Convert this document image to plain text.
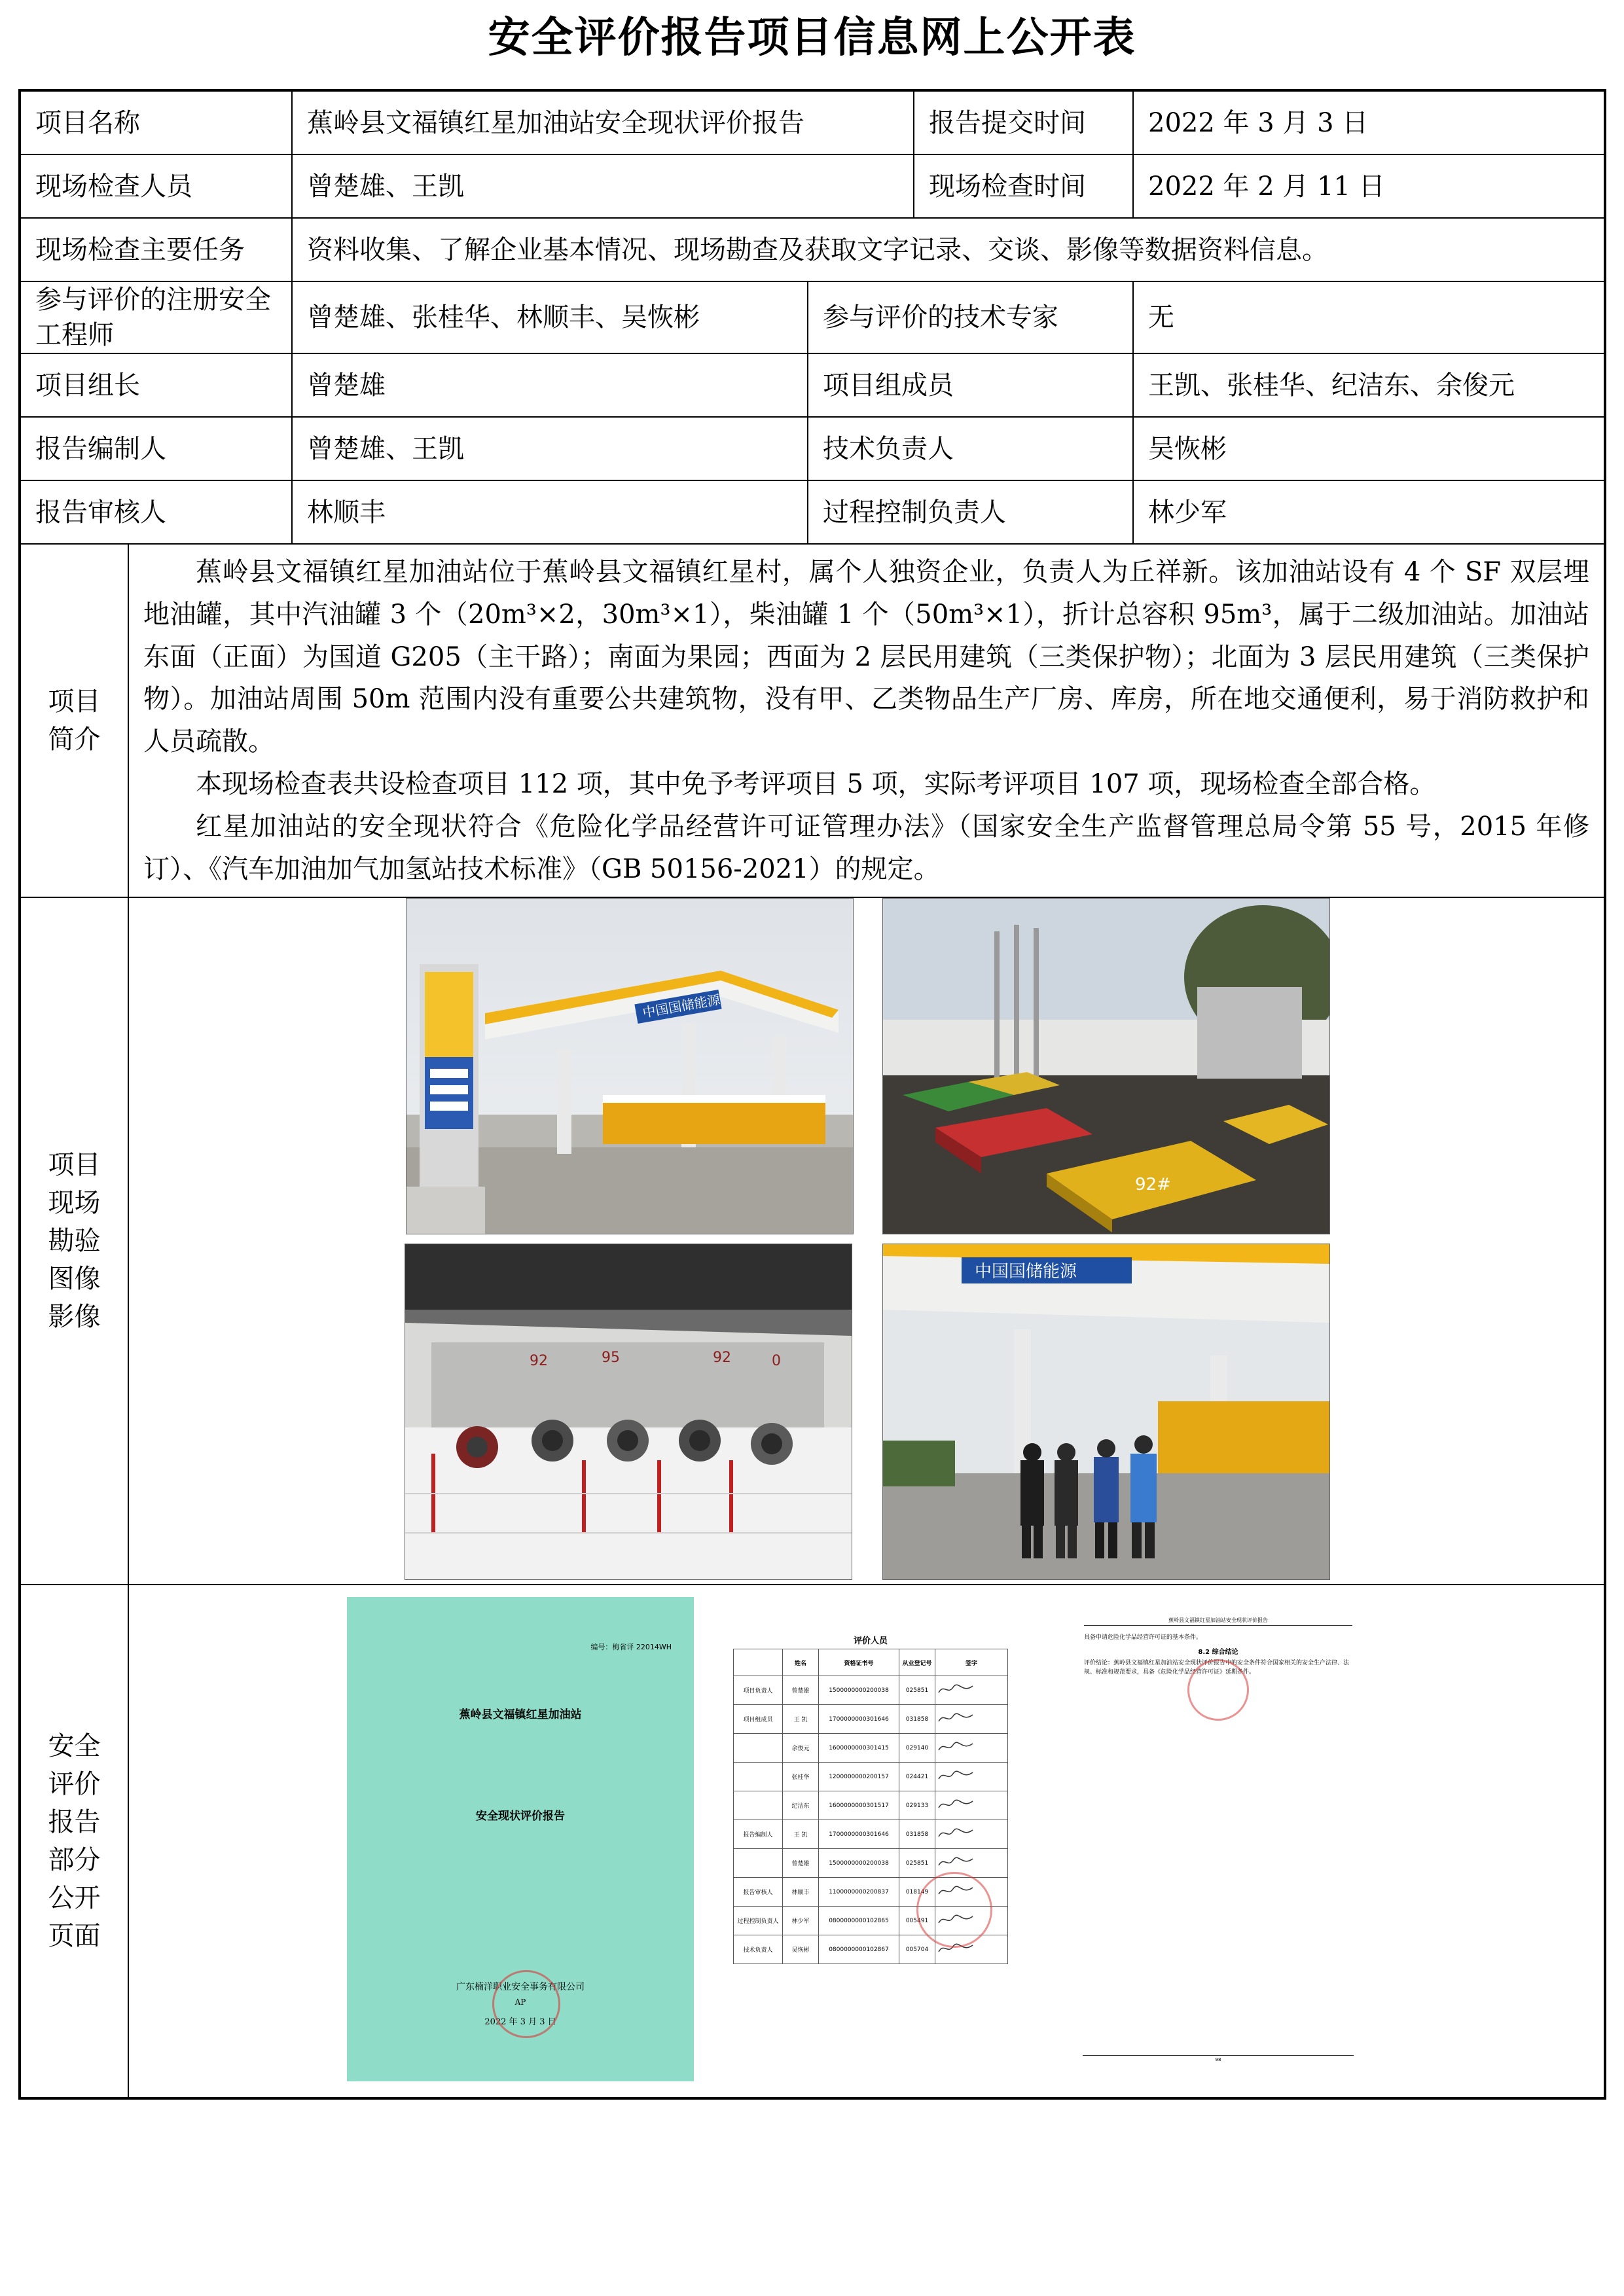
安全评价报告项目信息网上公开表
项目名称		蕉岭县文福镇红星加油站安全现状评价报告		报告提交时间	2022 年 3 月 3 日
现场检查人员		曾楚雄、王凯		现场检查时间	2022 年 2 月 11 日
现场检查主要任务		资料收集、了解企业基本情况、现场勘查及获取文字记录、交谈、影像等数据资料信息。			
参与评价的注册安全工程师		曾楚雄、张桂华、林顺丰、吴恢彬	参与评价的技术专家		无
项目组长		曾楚雄	项目组成员		王凯、张桂华、纪洁东、余俊元
报告编制人		曾楚雄、王凯	技术负责人		吴恢彬
报告审核人		林顺丰	过程控制负责人		林少军

项目简介	蕉岭县文福镇红星加油站位于蕉岭县文福镇红星村，属个人独资企业，负责人为丘祥新。该加油站设有 4 个 SF 双层埋地油罐，其中汽油罐 3 个（20m³×2，30m³×1），柴油罐 1 个（50m³×1），折计总容积 95m³，属于二级加油站。加油站东面（正面）为国道 G205（主干路）；南面为果园；西面为 2 层民用建筑（三类保护物）；北面为 3 层民用建筑（三类保护物）。加油站周围 50m 范围内没有重要公共建筑物，没有甲、乙类物品生产厂房、库房，所在地交通便利，易于消防救护和人员疏散。

本现场检查表共设检查项目 112 项，其中免予考评项目 5 项，实际考评项目 107 项，现场检查全部合格。

红星加油站的安全现状符合《危险化学品经营许可证管理办法》（国家安全生产监督管理总局令第 55 号，2015 年修订）、《汽车加油加气加氢站技术标准》（GB 50156-2021）的规定。				

项目现场勘验图像影像					

安全评价报告部分公开页面					

中国国储能源
92#
92	95	92	0
中国国储能源
编号：梅省评 22014WH
蕉岭县文福镇红星加油站
安全现状评价报告
广东楠洋职业安全事务有限公司
AP
2022 年 3 月 3 日
评价人员
	姓名	资格证书号	从业登记号	签字
项目负责人	曾楚雄	1500000000200038	025851	
项目组成员	王 凯	1700000000301646	031858	
	余俊元	1600000000301415	029140	
	张桂华	1200000000200157	024421	
	纪洁东	1600000000301517	029133	
报告编制人	王 凯	1700000000301646	031858	
	曾楚雄	1500000000200038	025851	
报告审核人	林顺丰	1100000000200837	018149	
过程控制负责人	林少军	0800000000102865	005491	
技术负责人	吴恢彬	0800000000102867	005704	
蕉岭县文福镇红星加油站安全现状评价报告
具备申请危险化学品经营许可证的基本条件。
8.2 综合结论
评价结论：蕉岭县文福镇红星加油站安全现状评价报告中的安全条件符合国家相关的安全生产法律、法规、标准和规范要求，具备《危险化学品经营许可证》延期条件。
98
